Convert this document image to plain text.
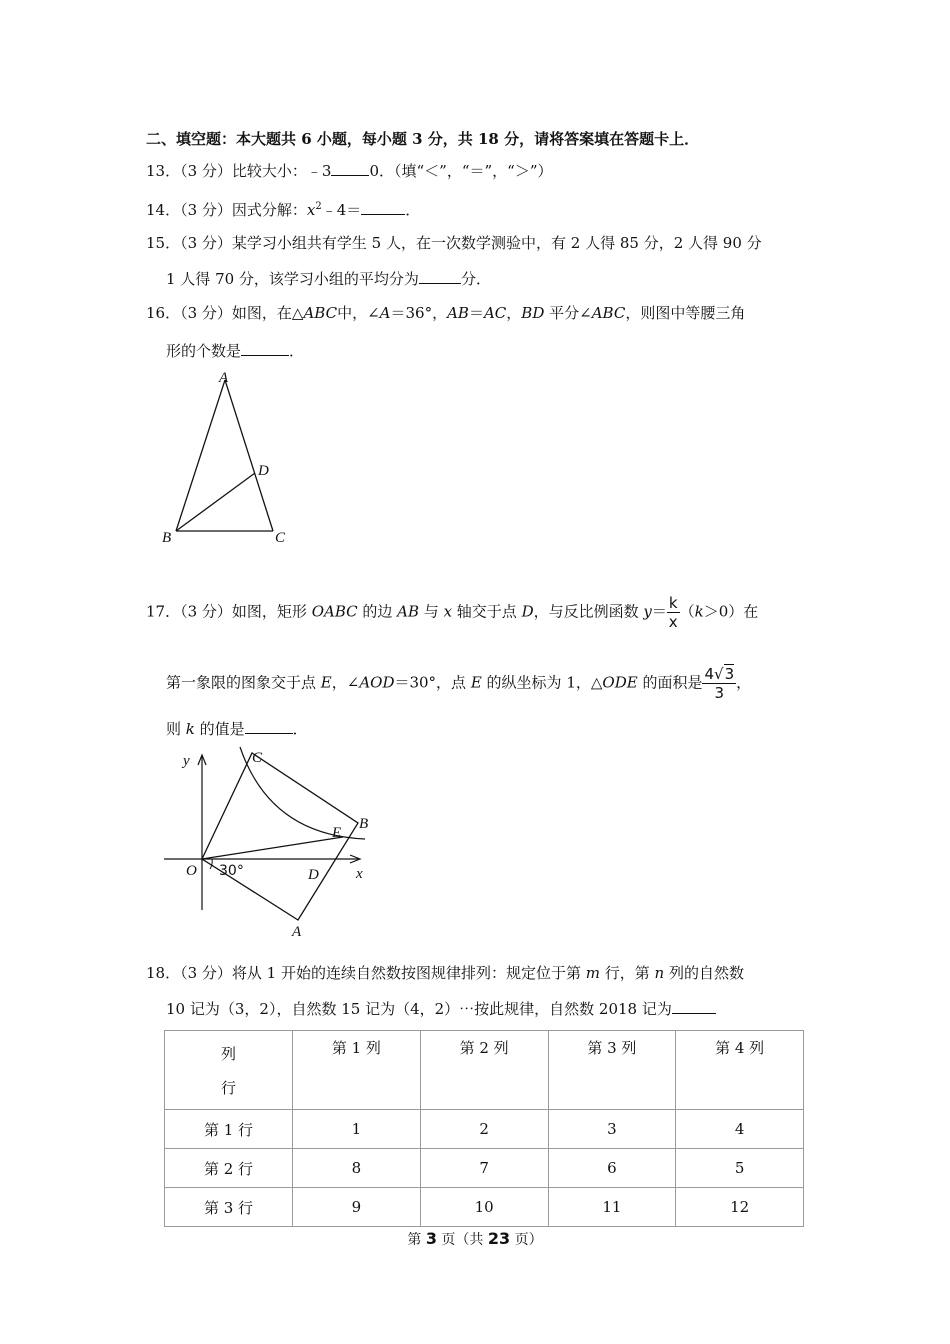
二、填空题：本大题共 6 小题，每小题 3 分，共 18 分，请将答案填在答题卡上．
13．（3 分）比较大小：﹣3	0．（填“＜”，“＝”，“＞”）
14．（3 分）因式分解：$x^2﹣4=$	．
15．（3 分）某学习小组共有学生 5 人，在一次数学测验中，有 2 人得 85 分，2 人得 90 分
1 人得 70 分，该学习小组的平均分为	分．
16．（3 分）如图，在△ABC中，∠A＝36°，AB＝AC，BD 平分∠ABC，则图中等腰三角
形的个数是	．
A
B	C
D
17．（3 分）如图，矩形 OABC 的边 AB 与 x 轴交于点 D，与反比例函数 $y= \frac{k}{x} (k>0)$在
第一象限的图象交于点 E，∠AOD＝30°，点 E 的纵坐标为 1，△ODE 的面积是 $\frac{4√3}{3}$ ，
则 k 的值是	．
y
x
O
C
B
E
D
A
30°
18．（3 分）将从 1 开始的连续自然数按图规律排列：规定位于第 m 行，第 n 列的自然数
10 记为（3，2），自然数 15 记为（4，2）⋯按此规律，自然数 2018 记为
列
行	第 1 列	第 2 列	第 3 列	第 4 列
第 1 行	1	2	3	4
第 2 行	8	7	6	5
第 3 行	9	10	11	12
第 3 页（共 23 页）
